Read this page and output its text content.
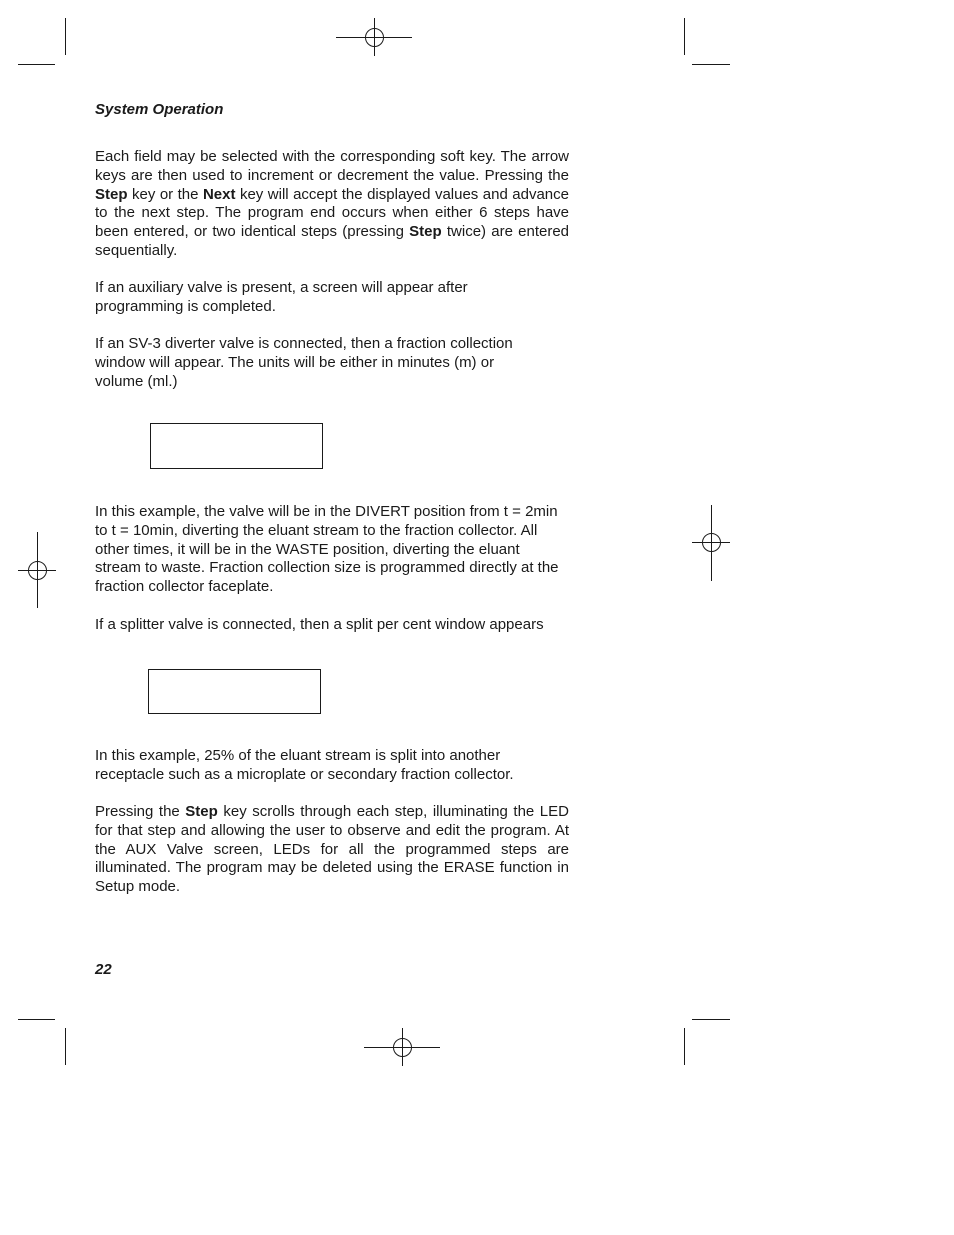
System Operation

Each field may be selected with the corresponding soft key. The arrow keys are then used to increment or decrement the value. Pressing the Step key or the Next key will accept the displayed values and advance to the next step. The program end occurs when either 6 steps have been entered, or two identical steps (pressing Step twice) are entered sequentially.

If an auxiliary valve is present, a screen will appear after programming is completed.

If an SV-3 diverter valve is connected, then a fraction collection window will appear. The units will be either in minutes (m) or volume (ml.)

In this example, the valve will be in the DIVERT position from t = 2min to t = 10min, diverting the eluant stream to the fraction collector. All other times, it will be in the WASTE position, diverting the eluant stream to waste. Fraction collection size is programmed directly at the fraction collector faceplate.

If a splitter valve is connected, then a split per cent window appears

In this example, 25% of the eluant stream is split into another receptacle such as a microplate or secondary fraction collector.

Pressing the Step key scrolls through each step, illuminating the LED for that step and allowing the user to observe and edit the program. At the AUX Valve screen, LEDs for all the programmed steps are illuminated. The program may be deleted using the ERASE function in Setup mode.

22
